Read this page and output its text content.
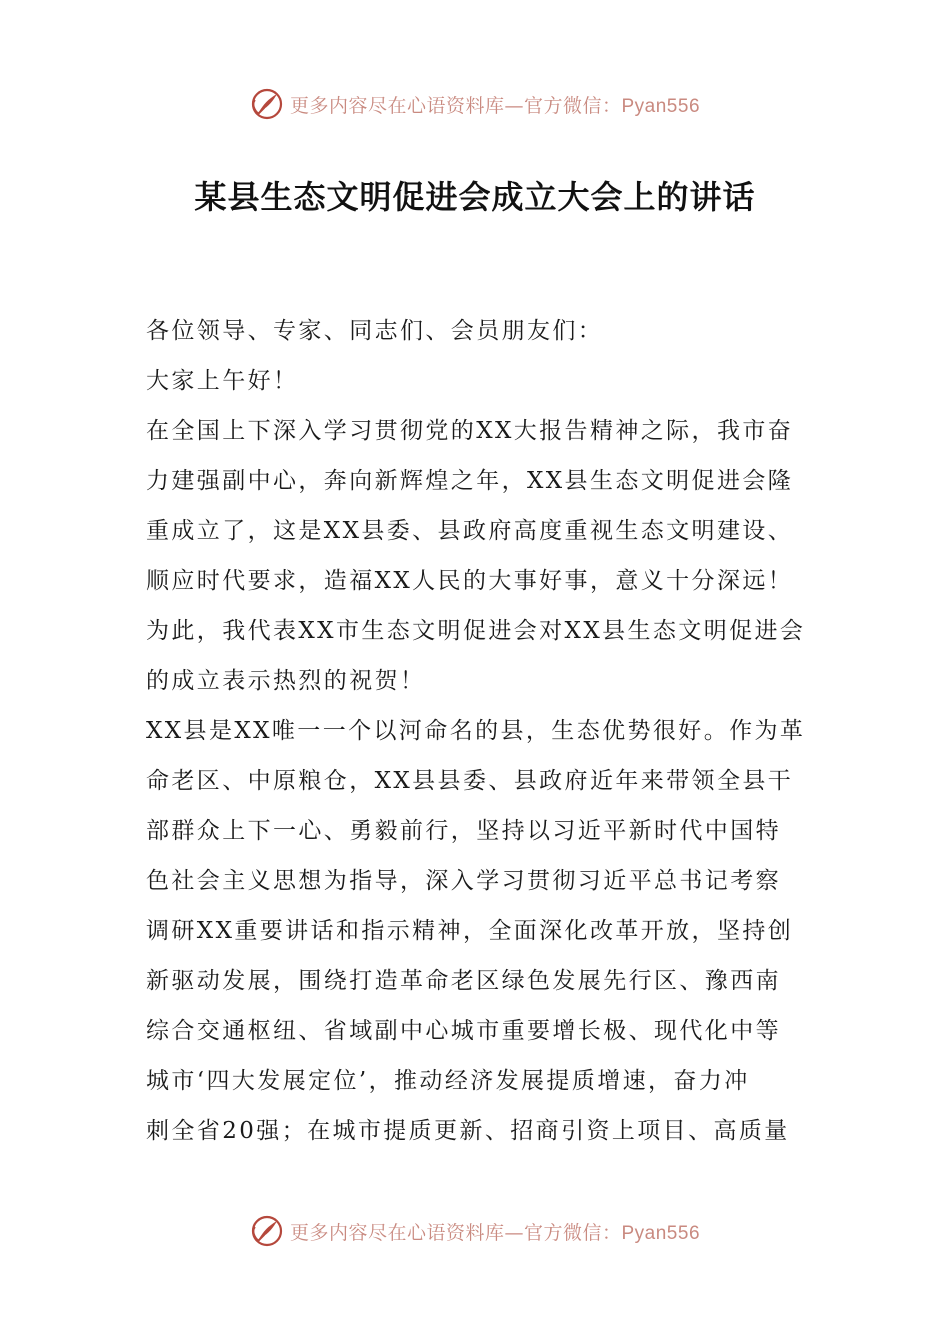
更多内容尽在心语资料库—官方微信：Pyan556
某县生态文明促进会成立大会上的讲话
各位领导、专家、同志们、会员朋友们：
大家上午好！
在全国上下深入学习贯彻党的XX大报告精神之际，我市奋
力建强副中心，奔向新辉煌之年，XX县生态文明促进会隆
重成立了，这是XX县委、县政府高度重视生态文明建设、
顺应时代要求，造福XX人民的大事好事，意义十分深远！
为此，我代表XX市生态文明促进会对XX县生态文明促进会
的成立表示热烈的祝贺！
XX县是XX唯一一个以河命名的县，生态优势很好。作为革
命老区、中原粮仓，XX县县委、县政府近年来带领全县干
部群众上下一心、勇毅前行，坚持以习近平新时代中国特
色社会主义思想为指导，深入学习贯彻习近平总书记考察
调研XX重要讲话和指示精神，全面深化改革开放，坚持创
新驱动发展，围绕打造革命老区绿色发展先行区、豫西南
综合交通枢纽、省域副中心城市重要增长极、现代化中等
城市‘四大发展定位’，推动经济发展提质增速，奋力冲
刺全省20强；在城市提质更新、招商引资上项目、高质量
更多内容尽在心语资料库—官方微信：Pyan556
